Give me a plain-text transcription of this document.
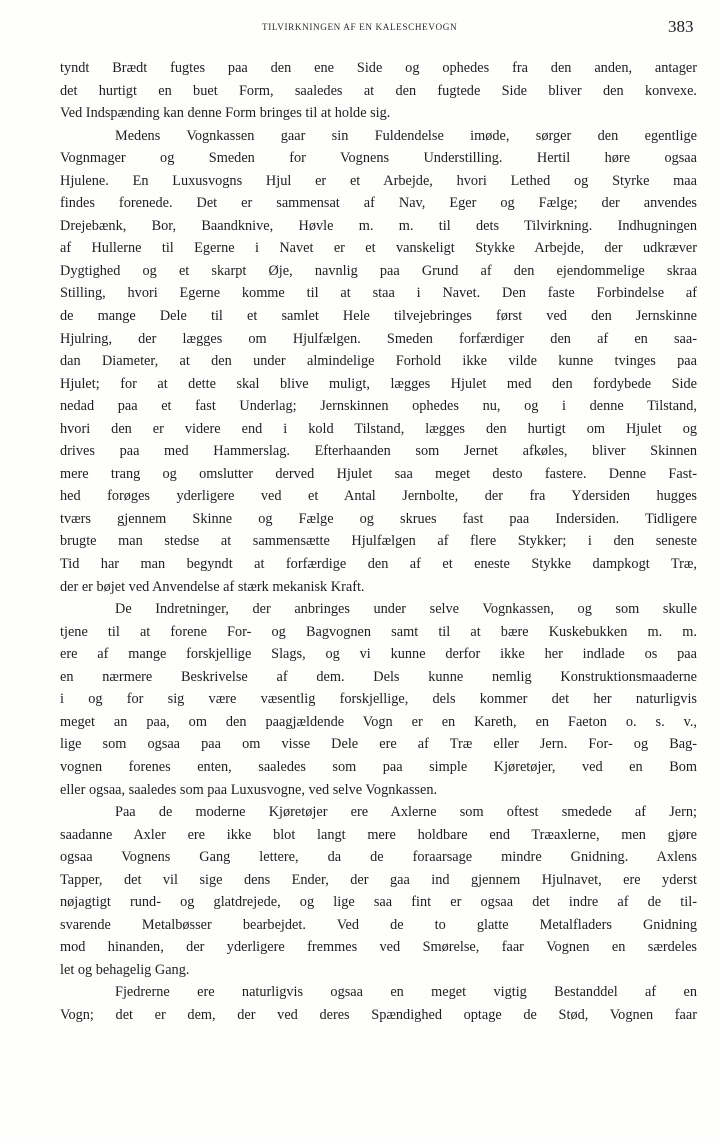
TILVIRKNINGEN AF EN KALESCHEVOGN	383
tyndt Brædt fugtes paa den ene Side og ophedes fra den anden, antager
det hurtigt en buet Form, saaledes at den fugtede Side bliver den konvexe.
Ved Indspænding kan denne Form bringes til at holde sig.
Medens Vognkassen gaar sin Fuldendelse imøde, sørger den egentlige
Vognmager og Smeden for Vognens Understilling. Hertil høre ogsaa
Hjulene. En Luxusvogns Hjul er et Arbejde, hvori Lethed og Styrke maa
findes forenede. Det er sammensat af Nav, Eger og Fælge; der anvendes
Drejebænk, Bor, Baandknive, Høvle m. m. til dets Tilvirkning. Indhugningen
af Hullerne til Egerne i Navet er et vanskeligt Stykke Arbejde, der udkræver
Dygtighed og et skarpt Øje, navnlig paa Grund af den ejendommelige skraa
Stilling, hvori Egerne komme til at staa i Navet. Den faste Forbindelse af
de mange Dele til et samlet Hele tilvejebringes først ved den Jernskinne
Hjulring, der lægges om Hjulfælgen. Smeden forfærdiger den af en saa-
dan Diameter, at den under almindelige Forhold ikke vilde kunne tvinges paa
Hjulet; for at dette skal blive muligt, lægges Hjulet med den fordybede Side
nedad paa et fast Underlag; Jernskinnen ophedes nu, og i denne Tilstand,
hvori den er videre end i kold Tilstand, lægges den hurtigt om Hjulet og
drives paa med Hammerslag. Efterhaanden som Jernet afkøles, bliver Skinnen
mere trang og omslutter derved Hjulet saa meget desto fastere. Denne Fast-
hed forøges yderligere ved et Antal Jernbolte, der fra Ydersiden hugges
tværs gjennem Skinne og Fælge og skrues fast paa Indersiden. Tidligere
brugte man stedse at sammensætte Hjulfælgen af flere Stykker; i den seneste
Tid har man begyndt at forfærdige den af et eneste Stykke dampkogt Træ,
der er bøjet ved Anvendelse af stærk mekanisk Kraft.
De Indretninger, der anbringes under selve Vognkassen, og som skulle
tjene til at forene For- og Bagvognen samt til at bære Kuskebukken m. m.
ere af mange forskjellige Slags, og vi kunne derfor ikke her indlade os paa
en nærmere Beskrivelse af dem. Dels kunne nemlig Konstruktionsmaaderne
i og for sig være væsentlig forskjellige, dels kommer det her naturligvis
meget an paa, om den paagjældende Vogn er en Kareth, en Faeton o. s. v.,
lige som ogsaa paa om visse Dele ere af Træ eller Jern. For- og Bag-
vognen forenes enten, saaledes som paa simple Kjøretøjer, ved en Bom
eller ogsaa, saaledes som paa Luxusvogne, ved selve Vognkassen.
Paa de moderne Kjøretøjer ere Axlerne som oftest smedede af Jern;
saadanne Axler ere ikke blot langt mere holdbare end Træaxlerne, men gjøre
ogsaa Vognens Gang lettere, da de foraarsage mindre Gnidning. Axlens
Tapper, det vil sige dens Ender, der gaa ind gjennem Hjulnavet, ere yderst
nøjagtigt rund- og glatdrejede, og lige saa fint er ogsaa det indre af de til-
svarende Metalbøsser bearbejdet. Ved de to glatte Metalfladers Gnidning
mod hinanden, der yderligere fremmes ved Smørelse, faar Vognen en særdeles
let og behagelig Gang.
Fjedrerne ere naturligvis ogsaa en meget vigtig Bestanddel af en
Vogn; det er dem, der ved deres Spændighed optage de Stød, Vognen faar
